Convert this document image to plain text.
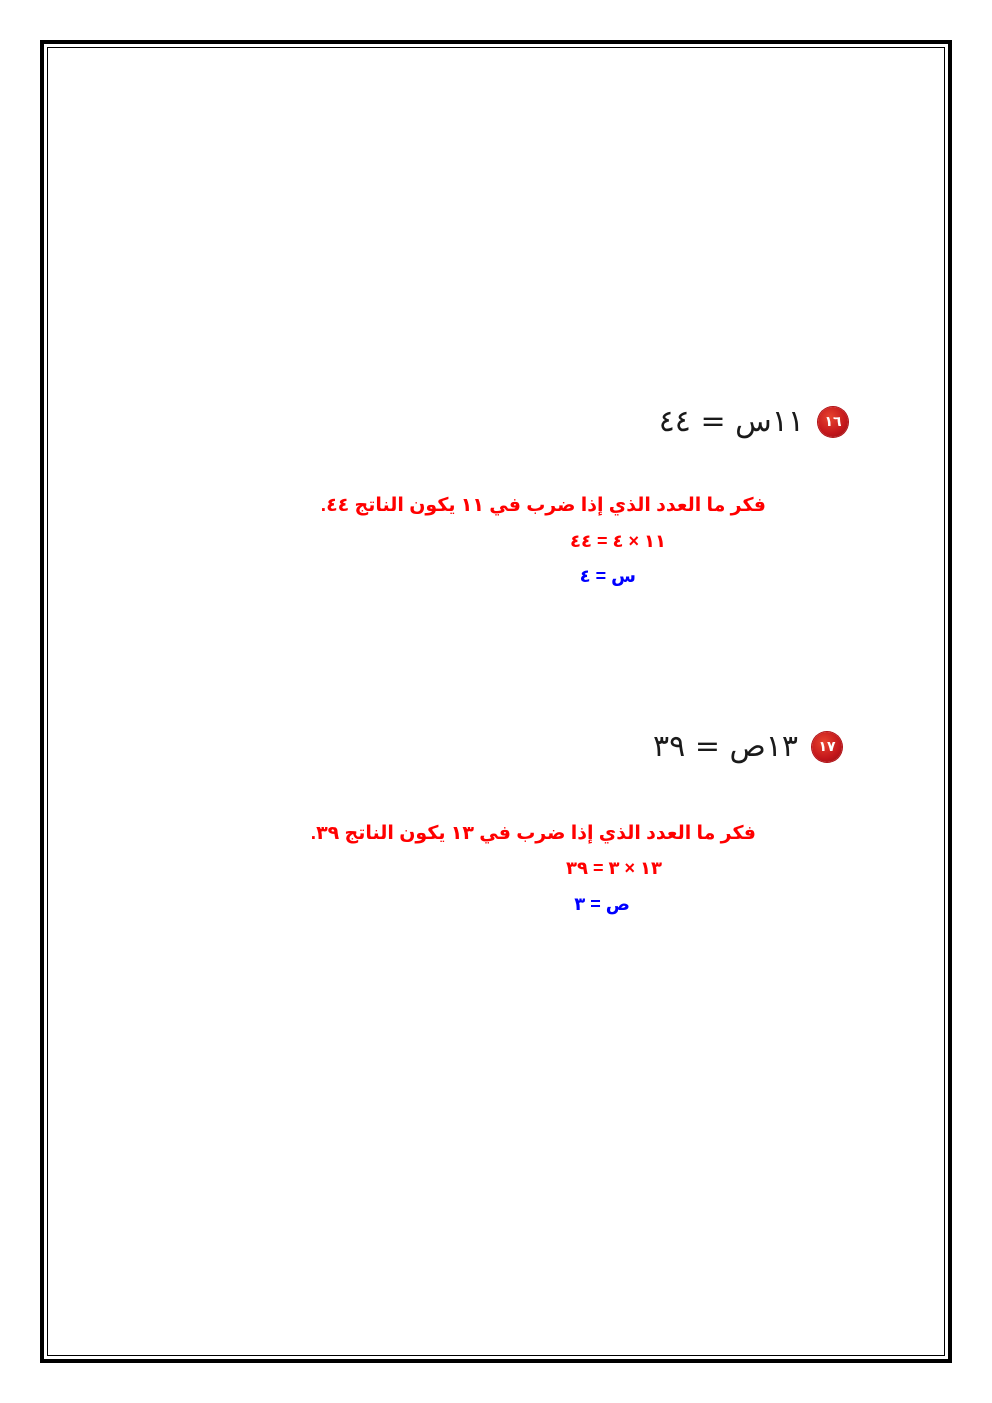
١٦
١١س = ٤٤
فكر ما العدد الذي إذا ضرب في ١١ يكون الناتج ٤٤.
١١ × ٤ = ٤٤
س = ٤
١٧
١٣ص = ٣٩
فكر ما العدد الذي إذا ضرب في ١٣ يكون الناتج ٣٩.
١٣ × ٣ = ٣٩
ص = ٣
